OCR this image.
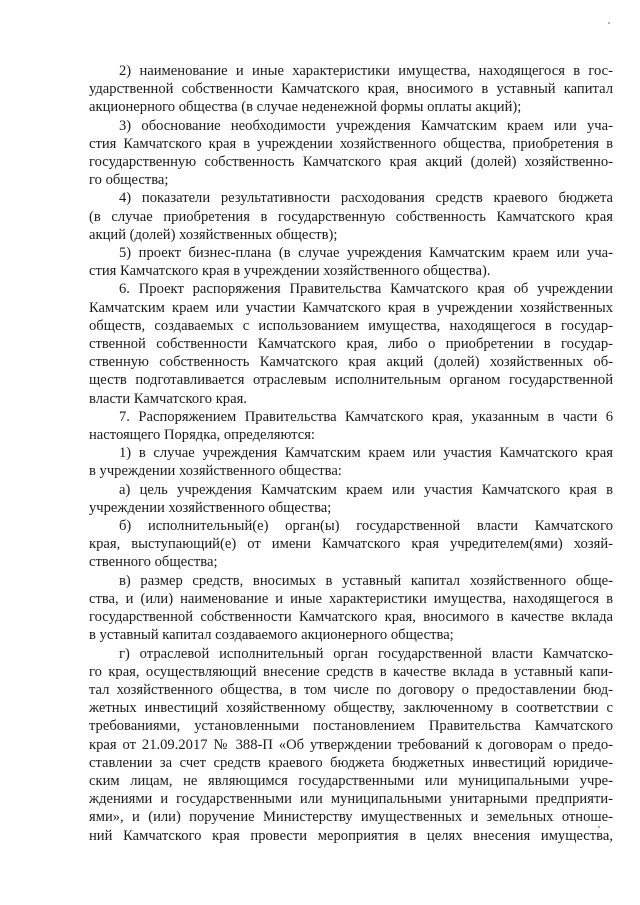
2) наименование и иные характеристики имущества, находящегося в гос-
ударственной собственности Камчатского края, вносимого в уставный капитал
акционерного общества (в случае неденежной формы оплаты акций);
3) обоснование необходимости учреждения Камчатским краем или уча-
стия Камчатского края в учреждении хозяйственного общества, приобретения в
государственную собственность Камчатского края акций (долей) хозяйственно-
го общества;
4) показатели результативности расходования средств краевого бюджета
(в случае приобретения в государственную собственность Камчатского края
акций (долей) хозяйственных обществ);
5) проект бизнес-плана (в случае учреждения Камчатским краем или уча-
стия Камчатского края в учреждении хозяйственного общества).
6. Проект распоряжения Правительства Камчатского края об учреждении
Камчатским краем или участии Камчатского края в учреждении хозяйственных
обществ, создаваемых с использованием имущества, находящегося в государ-
ственной собственности Камчатского края, либо о приобретении в государ-
ственную собственность Камчатского края акций (долей) хозяйственных об-
ществ подготавливается отраслевым исполнительным органом государственной
власти Камчатского края.
7. Распоряжением Правительства Камчатского края, указанным в части 6
настоящего Порядка, определяются:
1) в случае учреждения Камчатским краем или участия Камчатского края
в учреждении хозяйственного общества:
а) цель учреждения Камчатским краем или участия Камчатского края в
учреждении хозяйственного общества;
б) исполнительный(е) орган(ы) государственной власти Камчатского
края, выступающий(е) от имени Камчатского края учредителем(ями) хозяй-
ственного общества;
в) размер средств, вносимых в уставный капитал хозяйственного обще-
ства, и (или) наименование и иные характеристики имущества, находящегося в
государственной собственности Камчатского края, вносимого в качестве вклада
в уставный капитал создаваемого акционерного общества;
г) отраслевой исполнительный орган государственной власти Камчатско-
го края, осуществляющий внесение средств в качестве вклада в уставный капи-
тал хозяйственного общества, в том числе по договору о предоставлении бюд-
жетных инвестиций хозяйственному обществу, заключенному в соответствии с
требованиями, установленными постановлением Правительства Камчатского
края от 21.09.2017 № 388-П «Об утверждении требований к договорам о предо-
ставлении за счет средств краевого бюджета бюджетных инвестиций юридиче-
ским лицам, не являющимся государственными или муниципальными учре-
ждениями и государственными или муниципальными унитарными предприяти-
ями», и (или) поручение Министерству имущественных и земельных отноше-
ний Камчатского края провести мероприятия в целях внесения имущества,
